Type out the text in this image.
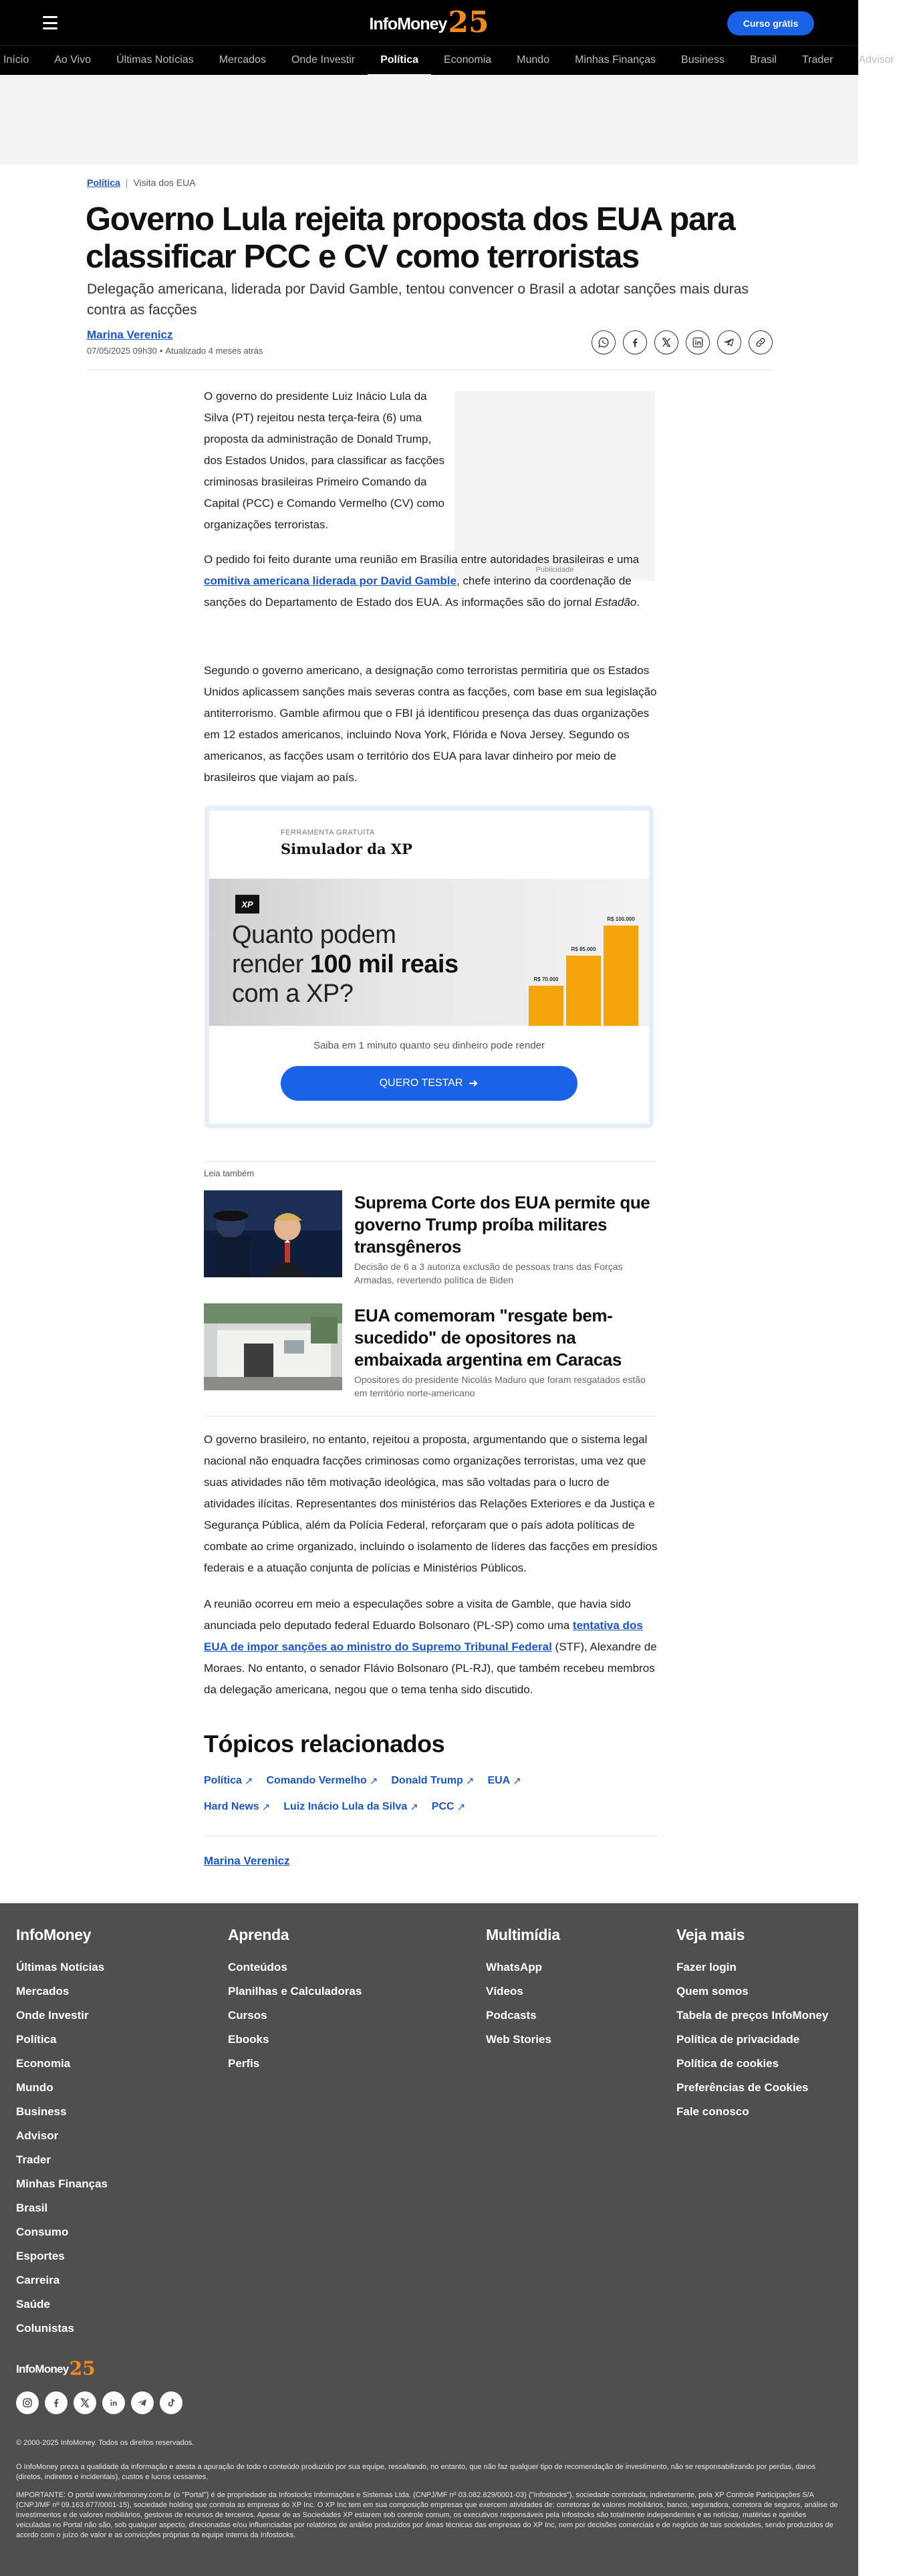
InfoMoney 25	Curso grátis
Início	Ao Vivo	Últimas Notícias	Mercados	Onde Investir	Política	Economia	Mundo	Minhas Finanças	Business	Brasil	Trader	Advisor
Política | Visita dos EUA
Governo Lula rejeita proposta dos EUA para classificar PCC e CV como terroristas

Delegação americana, liderada por David Gamble, tentou convencer o Brasil a adotar sanções mais duras contra as facções

Marina Verenicz
07/05/2025 09h30 • Atualizado 4 meses atrás
Publicidade

O governo do presidente Luiz Inácio Lula da Silva (PT) rejeitou nesta terça-feira (6) uma proposta da administração de Donald Trump, dos Estados Unidos, para classificar as facções criminosas brasileiras Primeiro Comando da Capital (PCC) e Comando Vermelho (CV) como organizações terroristas.

O pedido foi feito durante uma reunião em Brasília entre autoridades brasileiras e uma comitiva americana liderada por David Gamble, chefe interino da coordenação de sanções do Departamento de Estado dos EUA. As informações são do jornal Estadão.

Segundo o governo americano, a designação como terroristas permitiria que os Estados Unidos aplicassem sanções mais severas contra as facções, com base em sua legislação antiterrorismo. Gamble afirmou que o FBI já identificou presença das duas organizações em 12 estados americanos, incluindo Nova York, Flórida e Nova Jersey. Segundo os americanos, as facções usam o território dos EUA para lavar dinheiro por meio de brasileiros que viajam ao país.

FERRAMENTA GRATUITA
Simulador da XP
XP
Quanto podem
render 100 mil reais
com a XP?
R$ 70.000
R$ 85.000
R$ 100.000
Saiba em 1 minuto quanto seu dinheiro pode render
QUERO TESTAR
Leia também
Suprema Corte dos EUA permite que governo Trump proíba militares transgêneros

Decisão de 6 a 3 autoriza exclusão de pessoas trans das Forças Armadas, revertendo política de Biden

EUA comemoram "resgate bem-sucedido" de opositores na embaixada argentina em Caracas

Opositores do presidente Nicolás Maduro que foram resgatados estão em território norte-americano

O governo brasileiro, no entanto, rejeitou a proposta, argumentando que o sistema legal nacional não enquadra facções criminosas como organizações terroristas, uma vez que suas atividades não têm motivação ideológica, mas são voltadas para o lucro de atividades ilícitas. Representantes dos ministérios das Relações Exteriores e da Justiça e Segurança Pública, além da Polícia Federal, reforçaram que o país adota políticas de combate ao crime organizado, incluindo o isolamento de líderes das facções em presídios federais e a atuação conjunta de polícias e Ministérios Públicos.

A reunião ocorreu em meio a especulações sobre a visita de Gamble, que havia sido anunciada pelo deputado federal Eduardo Bolsonaro (PL-SP) como uma tentativa dos EUA de impor sanções ao ministro do Supremo Tribunal Federal (STF), Alexandre de Moraes. No entanto, o senador Flávio Bolsonaro (PL-RJ), que também recebeu membros da delegação americana, negou que o tema tenha sido discutido.

Tópicos relacionados
Política ↗ Comando Vermelho ↗ Donald Trump ↗ EUA ↗
Hard News ↗ Luiz Inácio Lula da Silva ↗ PCC ↗
Marina Verenicz
InfoMoney
Últimas Notícias
Mercados
Onde Investir
Política
Economia
Mundo
Business
Advisor
Trader
Minhas Finanças
Brasil
Consumo
Esportes
Carreira
Saúde
Colunistas
Aprenda
Conteúdos
Planilhas e Calculadoras
Cursos
Ebooks
Perfis
Multimídia
WhatsApp
Vídeos
Podcasts
Web Stories
Veja mais
Fazer login
Quem somos
Tabela de preços InfoMoney
Política de privacidade
Política de cookies
Preferências de Cookies
Fale conosco
InfoMoney 25

© 2000-2025 InfoMoney. Todos os direitos reservados.

O InfoMoney preza a qualidade da informação e atesta a apuração de todo o conteúdo produzido por sua equipe, ressaltando, no entanto, que não faz qualquer tipo de recomendação de investimento, não se responsabilizando por perdas, danos (diretos, indiretos e incidentais), custos e lucros cessantes.

IMPORTANTE: O portal www.infomoney.com.br (o "Portal") é de propriedade da Infostocks Informações e Sistemas Ltda. (CNPJ/MF nº 03.082.829/0001-03) ("Infostocks"), sociedade controlada, indiretamente, pela XP Controle Participações S/A (CNPJ/MF nº 09.163.677/0001-15), sociedade holding que controla as empresas do XP Inc. O XP Inc tem em sua composição empresas que exercem atividades de: corretoras de valores mobiliários, banco, seguradora, corretora de seguros, análise de investimentos e de valores mobiliários, gestoras de recursos de terceiros. Apesar de as Sociedades XP estarem sob controle comum, os executivos responsáveis pela Infostocks são totalmente independentes e as notícias, matérias e opiniões veiculadas no Portal não são, sob qualquer aspecto, direcionadas e/ou influenciadas por relatórios de análise produzidos por áreas técnicas das empresas do XP Inc, nem por decisões comerciais e de negócio de tais sociedades, sendo produzidos de acordo com o juízo de valor e as convicções próprias da equipe interna da Infostocks.
